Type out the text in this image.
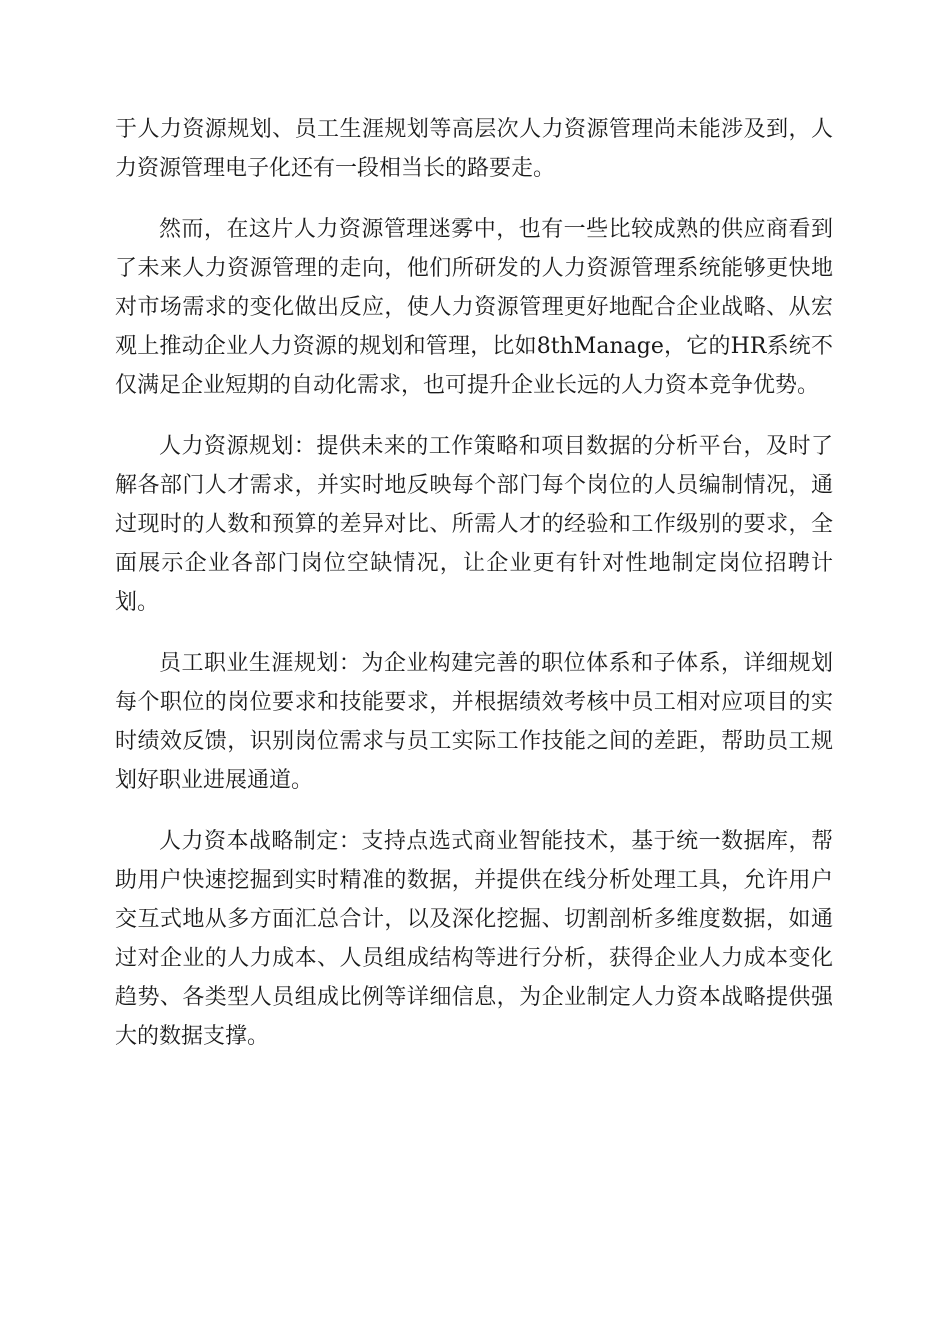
于人力资源规划、员工生涯规划等高层次人力资源管理尚未能涉及到，人力资源管理电子化还有一段相当长的路要走。

然而，在这片人力资源管理迷雾中，也有一些比较成熟的供应商看到了未来人力资源管理的走向，他们所研发的人力资源管理系统能够更快地对市场需求的变化做出反应，使人力资源管理更好地配合企业战略、从宏观上推动企业人力资源的规划和管理，比如8thManage，它的HR系统不仅满足企业短期的自动化需求，也可提升企业长远的人力资本竞争优势。

人力资源规划：提供未来的工作策略和项目数据的分析平台，及时了解各部门人才需求，并实时地反映每个部门每个岗位的人员编制情况，通过现时的人数和预算的差异对比、所需人才的经验和工作级别的要求，全面展示企业各部门岗位空缺情况，让企业更有针对性地制定岗位招聘计划。

员工职业生涯规划：为企业构建完善的职位体系和子体系，详细规划每个职位的岗位要求和技能要求，并根据绩效考核中员工相对应项目的实时绩效反馈，识别岗位需求与员工实际工作技能之间的差距，帮助员工规划好职业进展通道。

人力资本战略制定：支持点选式商业智能技术，基于统一数据库，帮助用户快速挖掘到实时精准的数据，并提供在线分析处理工具，允许用户交互式地从多方面汇总合计，以及深化挖掘、切割剖析多维度数据，如通过对企业的人力成本、人员组成结构等进行分析，获得企业人力成本变化趋势、各类型人员组成比例等详细信息，为企业制定人力资本战略提供强大的数据支撑。
